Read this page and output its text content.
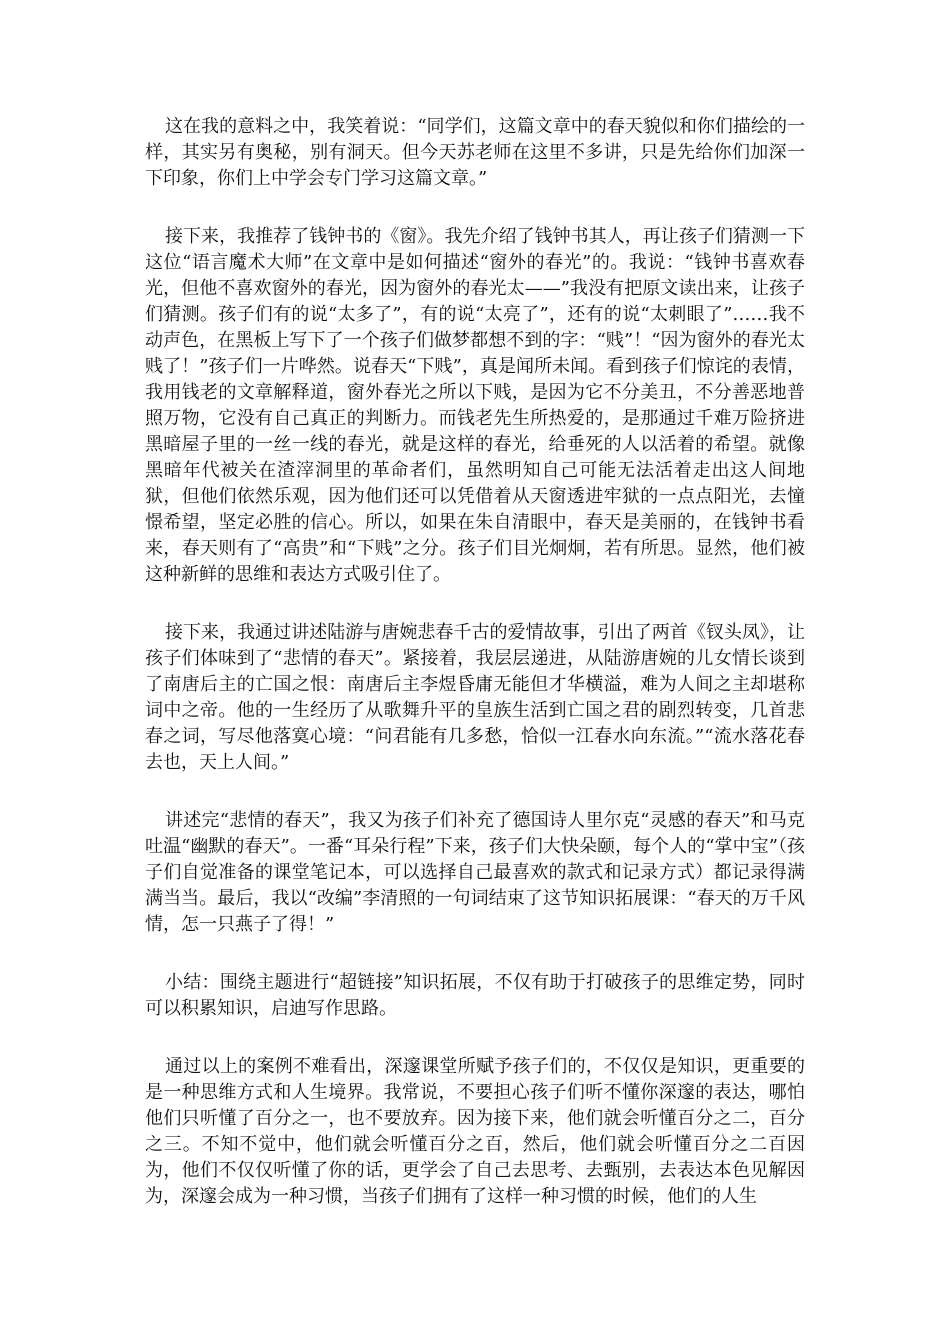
这在我的意料之中，我笑着说：“同学们，这篇文章中的春天貌似和你们描绘的一样，其实另有奥秘，别有洞天。但今天苏老师在这里不多讲，只是先给你们加深一下印象，你们上中学会专门学习这篇文章。”

接下来，我推荐了钱钟书的《窗》。我先介绍了钱钟书其人，再让孩子们猜测一下这位“语言魔术大师”在文章中是如何描述“窗外的春光”的。我说：“钱钟书喜欢春光，但他不喜欢窗外的春光，因为窗外的春光太——”我没有把原文读出来，让孩子们猜测。孩子们有的说“太多了”，有的说“太亮了”，还有的说“太刺眼了”……我不动声色，在黑板上写下了一个孩子们做梦都想不到的字：“贱”！“因为窗外的春光太贱了！”孩子们一片哗然。说春天“下贱”，真是闻所未闻。看到孩子们惊诧的表情，我用钱老的文章解释道，窗外春光之所以下贱，是因为它不分美丑，不分善恶地普照万物，它没有自己真正的判断力。而钱老先生所热爱的，是那通过千难万险挤进黑暗屋子里的一丝一线的春光，就是这样的春光，给垂死的人以活着的希望。就像黑暗年代被关在渣滓洞里的革命者们，虽然明知自己可能无法活着走出这人间地狱，但他们依然乐观，因为他们还可以凭借着从天窗透进牢狱的一点点阳光，去憧憬希望，坚定必胜的信心。所以，如果在朱自清眼中，春天是美丽的，在钱钟书看来，春天则有了“高贵”和“下贱”之分。孩子们目光炯炯，若有所思。显然，他们被这种新鲜的思维和表达方式吸引住了。

接下来，我通过讲述陆游与唐婉悲春千古的爱情故事，引出了两首《钗头凤》，让孩子们体味到了“悲情的春天”。紧接着，我层层递进，从陆游唐婉的儿女情长谈到了南唐后主的亡国之恨：南唐后主李煜昏庸无能但才华横溢，难为人间之主却堪称词中之帝。他的一生经历了从歌舞升平的皇族生活到亡国之君的剧烈转变，几首悲春之词，写尽他落寞心境：“问君能有几多愁，恰似一江春水向东流。”“流水落花春去也，天上人间。”

讲述完“悲情的春天”，我又为孩子们补充了德国诗人里尔克“灵感的春天”和马克吐温“幽默的春天”。一番“耳朵行程”下来，孩子们大快朵颐，每个人的“掌中宝”（孩子们自觉准备的课堂笔记本，可以选择自己最喜欢的款式和记录方式）都记录得满满当当。最后，我以“改编”李清照的一句词结束了这节知识拓展课：“春天的万千风情，怎一只燕子了得！”

小结：围绕主题进行“超链接”知识拓展，不仅有助于打破孩子的思维定势，同时可以积累知识，启迪写作思路。

通过以上的案例不难看出，深邃课堂所赋予孩子们的，不仅仅是知识，更重要的是一种思维方式和人生境界。我常说，不要担心孩子们听不懂你深邃的表达，哪怕他们只听懂了百分之一，也不要放弃。因为接下来，他们就会听懂百分之二，百分之三。不知不觉中，他们就会听懂百分之百，然后，他们就会听懂百分之二百因为，他们不仅仅听懂了你的话，更学会了自己去思考、去甄别，去表达本色见解因为，深邃会成为一种习惯，当孩子们拥有了这样一种习惯的时候，他们的人生
